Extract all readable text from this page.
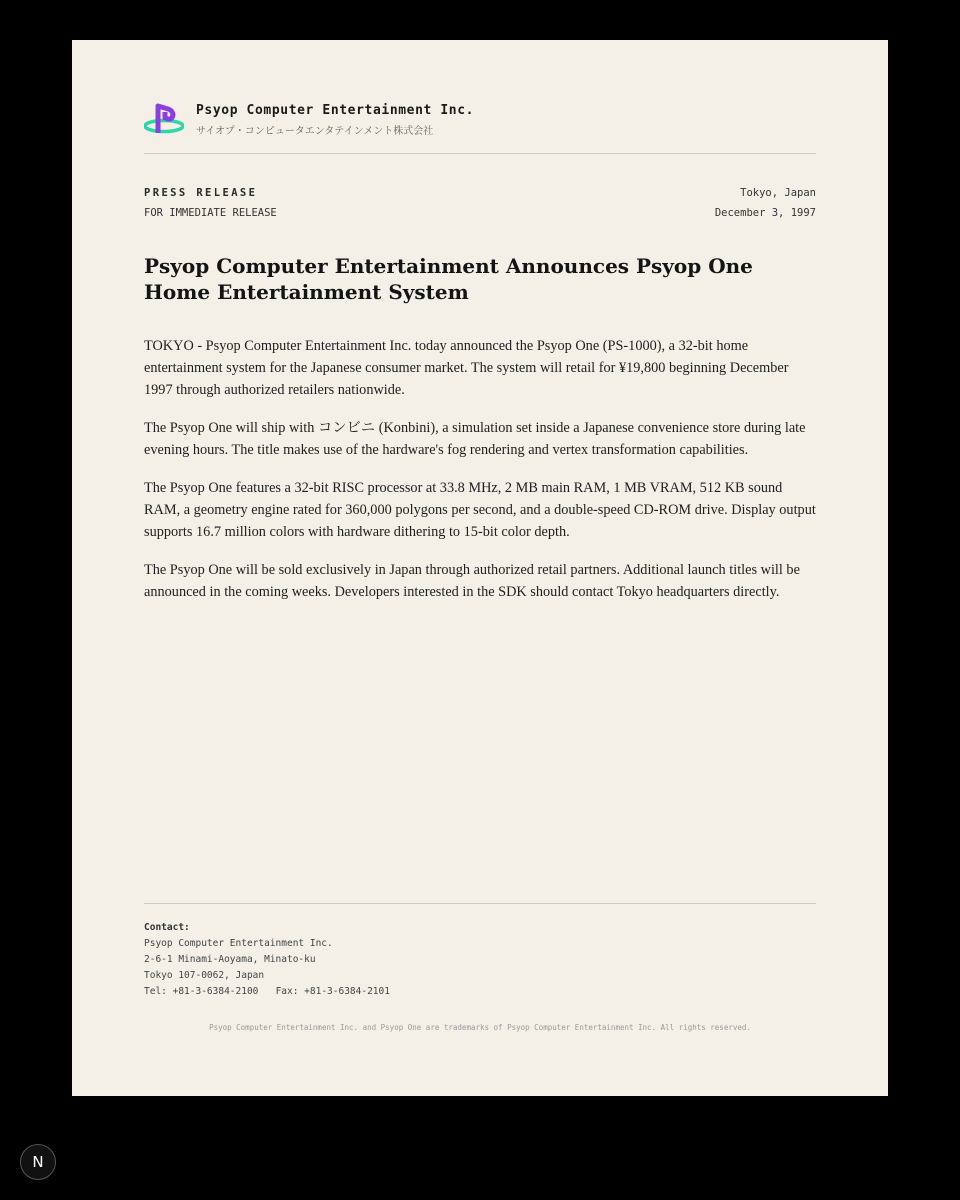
Psyop Computer Entertainment Inc.
サイオプ・コンピュータエンタテインメント株式会社
PRESS RELEASE
FOR IMMEDIATE RELEASE
Tokyo, Japan
December 3, 1997
Psyop Computer Entertainment Announces Psyop One Home Entertainment System

TOKYO - Psyop Computer Entertainment Inc. today announced the Psyop One (PS-1000), a 32-bit home entertainment system for the Japanese consumer market. The system will retail for ¥19,800 beginning December 1997 through authorized retailers nationwide.

The Psyop One will ship with コンビニ (Konbini), a simulation set inside a Japanese convenience store during late evening hours. The title makes use of the hardware's fog rendering and vertex transformation capabilities.

The Psyop One features a 32-bit RISC processor at 33.8 MHz, 2 MB main RAM, 1 MB VRAM, 512 KB sound RAM, a geometry engine rated for 360,000 polygons per second, and a double-speed CD-ROM drive. Display output supports 16.7 million colors with hardware dithering to 15-bit color depth.

The Psyop One will be sold exclusively in Japan through authorized retail partners. Additional launch titles will be announced in the coming weeks. Developers interested in the SDK should contact Tokyo headquarters directly.

Contact:
Psyop Computer Entertainment Inc.
2-6-1 Minami-Aoyama, Minato-ku
Tokyo 107-0062, Japan
Tel: +81-3-6384-2100 Fax: +81-3-6384-2101
Psyop Computer Entertainment Inc. and Psyop One are trademarks of Psyop Computer Entertainment Inc. All rights reserved.
N
